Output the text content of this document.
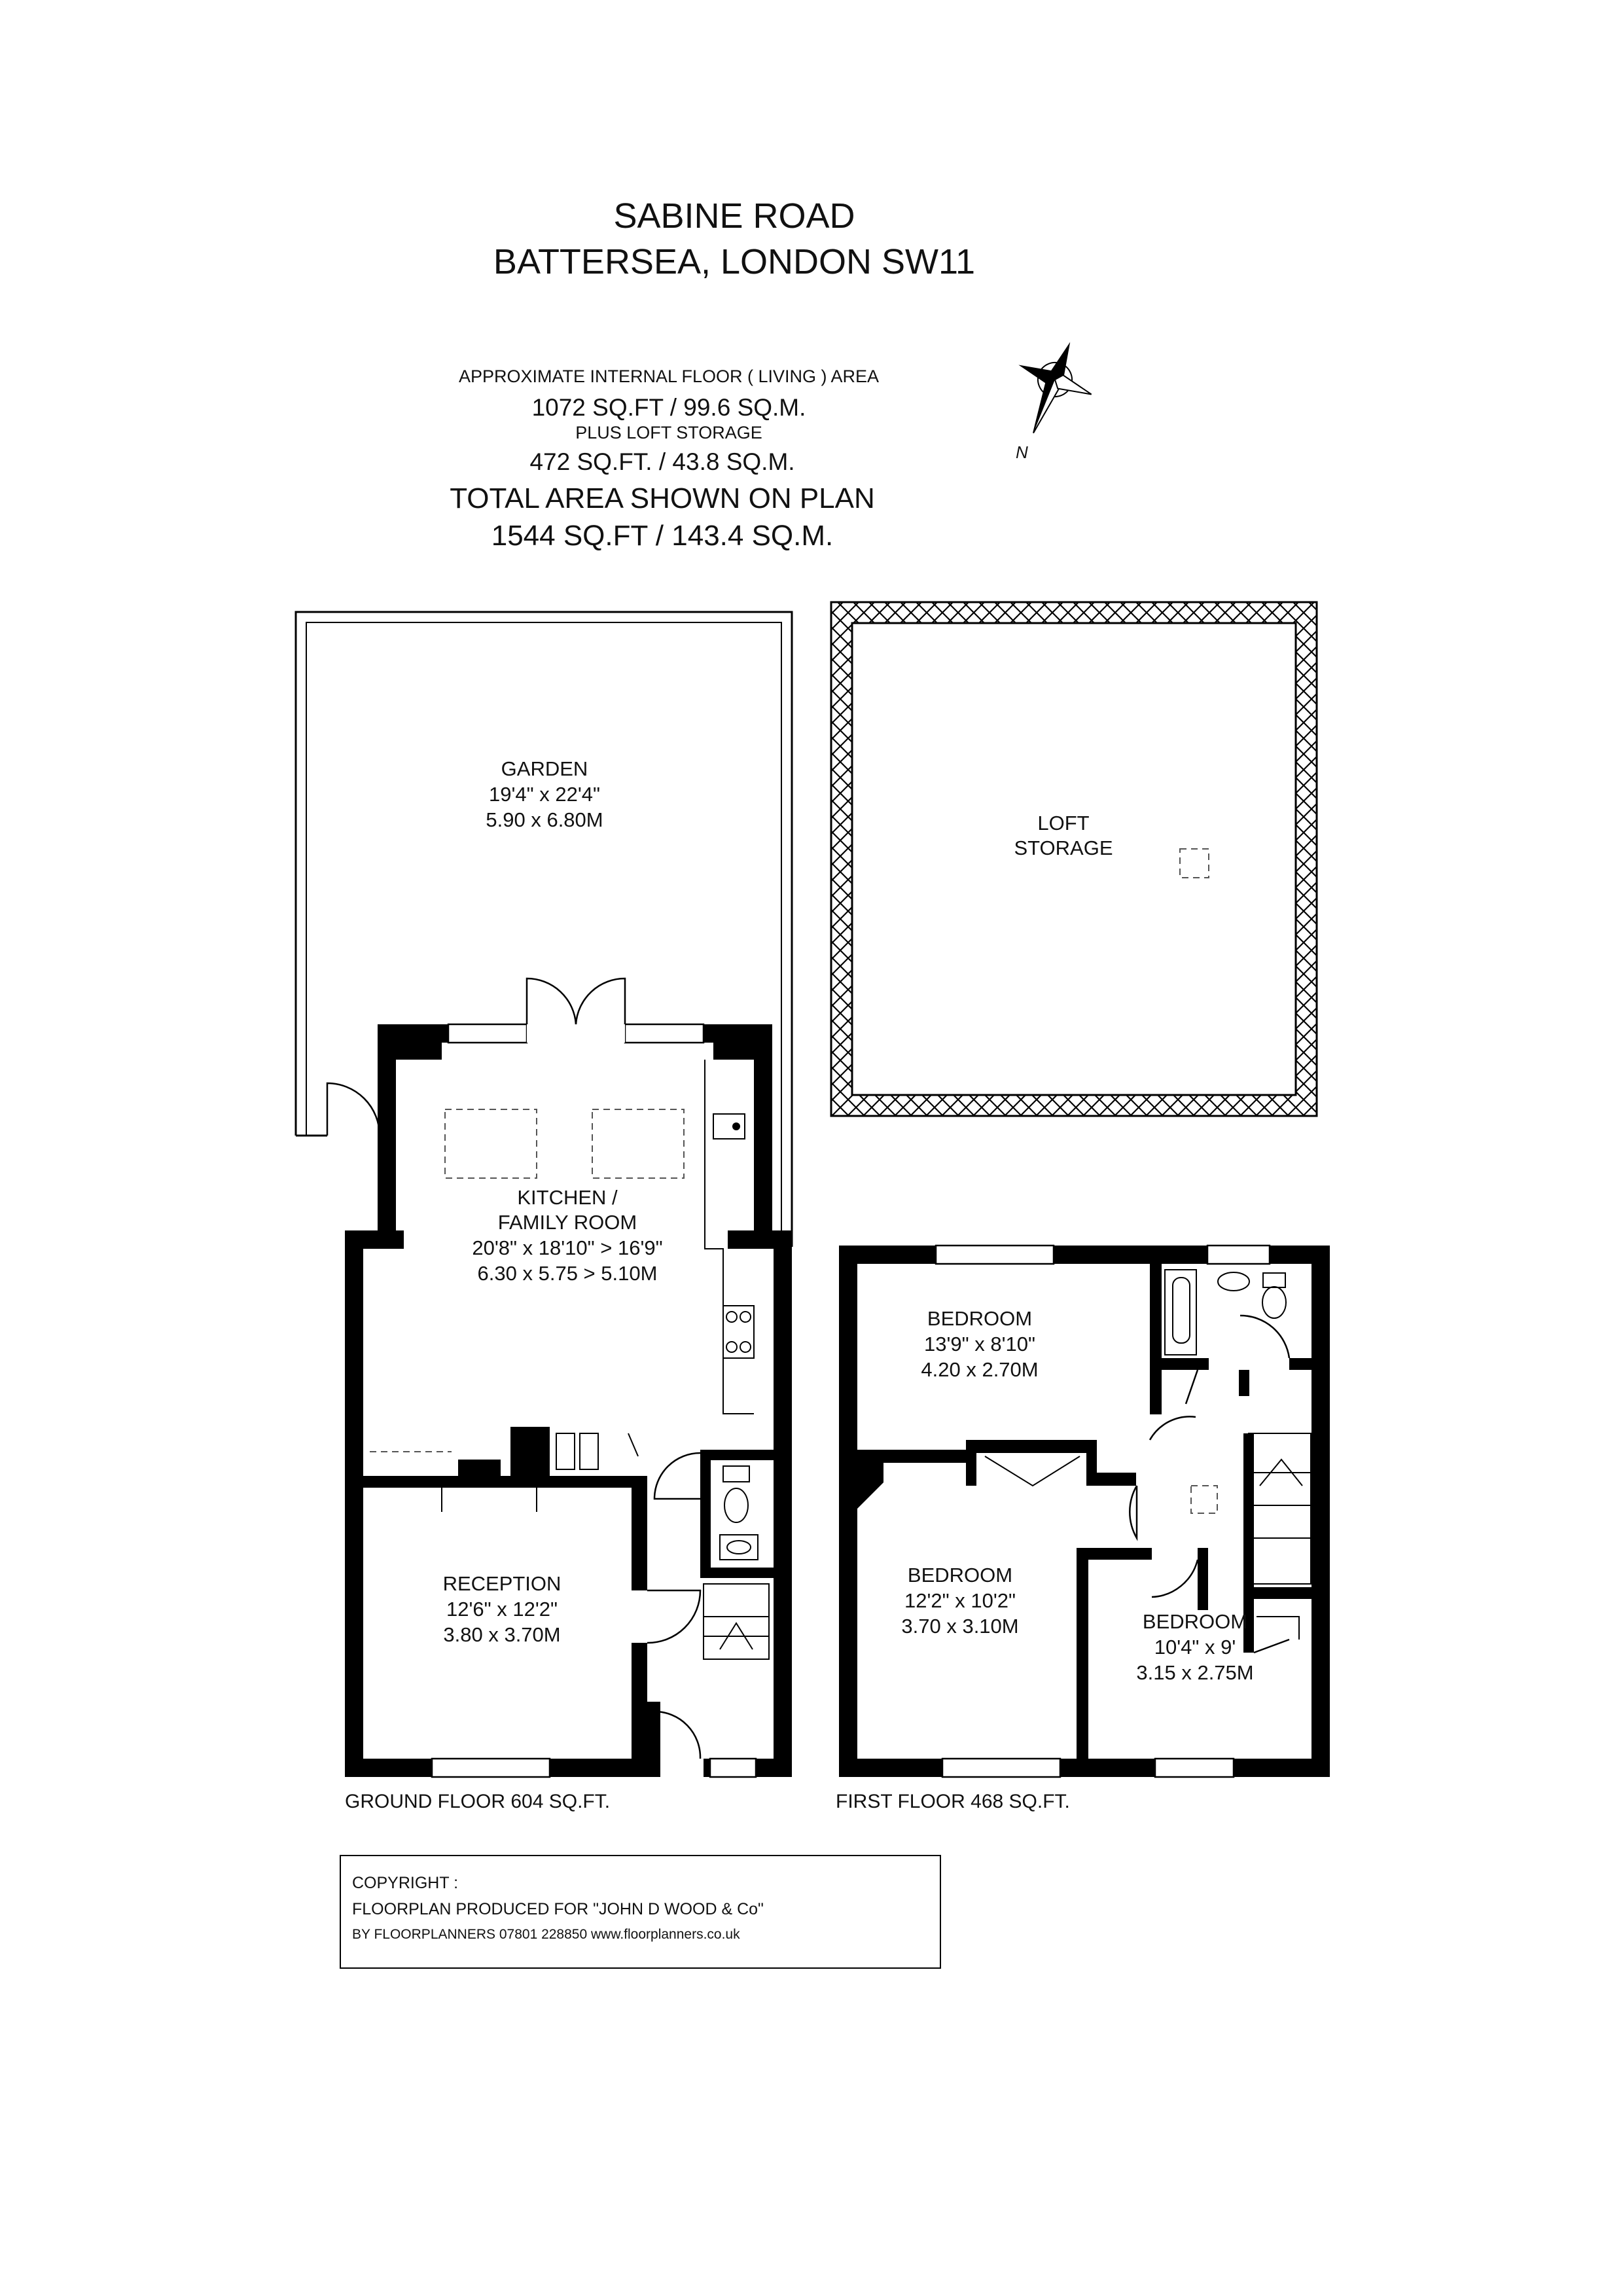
SABINE ROAD
BATTERSEA, LONDON SW11
APPROXIMATE INTERNAL FLOOR ( LIVING ) AREA
1072 SQ.FT / 99.6 SQ.M.
PLUS LOFT STORAGE
472 SQ.FT. / 43.8 SQ.M.
TOTAL AREA SHOWN ON PLAN
1544 SQ.FT / 143.4 SQ.M.
N
GARDEN
19'4" x 22'4"
5.90 x 6.80M	LOFT
STORAGE
KITCHEN /
FAMILY ROOM
20'8" x 18'10" > 16'9"
6.30 x 5.75 > 5.10M
RECEPTION
12'6" x 12'2"
3.80 x 3.70M
GROUND FLOOR 604 SQ.FT.
BEDROOM
13'9" x 8'10"
4.20 x 2.70M
BEDROOM
12'2" x 10'2"
3.70 x 3.10M	BEDROOM
10'4" x 9'
3.15 x 2.75M
FIRST FLOOR 468 SQ.FT.
COPYRIGHT :
FLOORPLAN PRODUCED FOR "JOHN D WOOD & Co"
BY FLOORPLANNERS 07801 228850 www.floorplanners.co.uk
